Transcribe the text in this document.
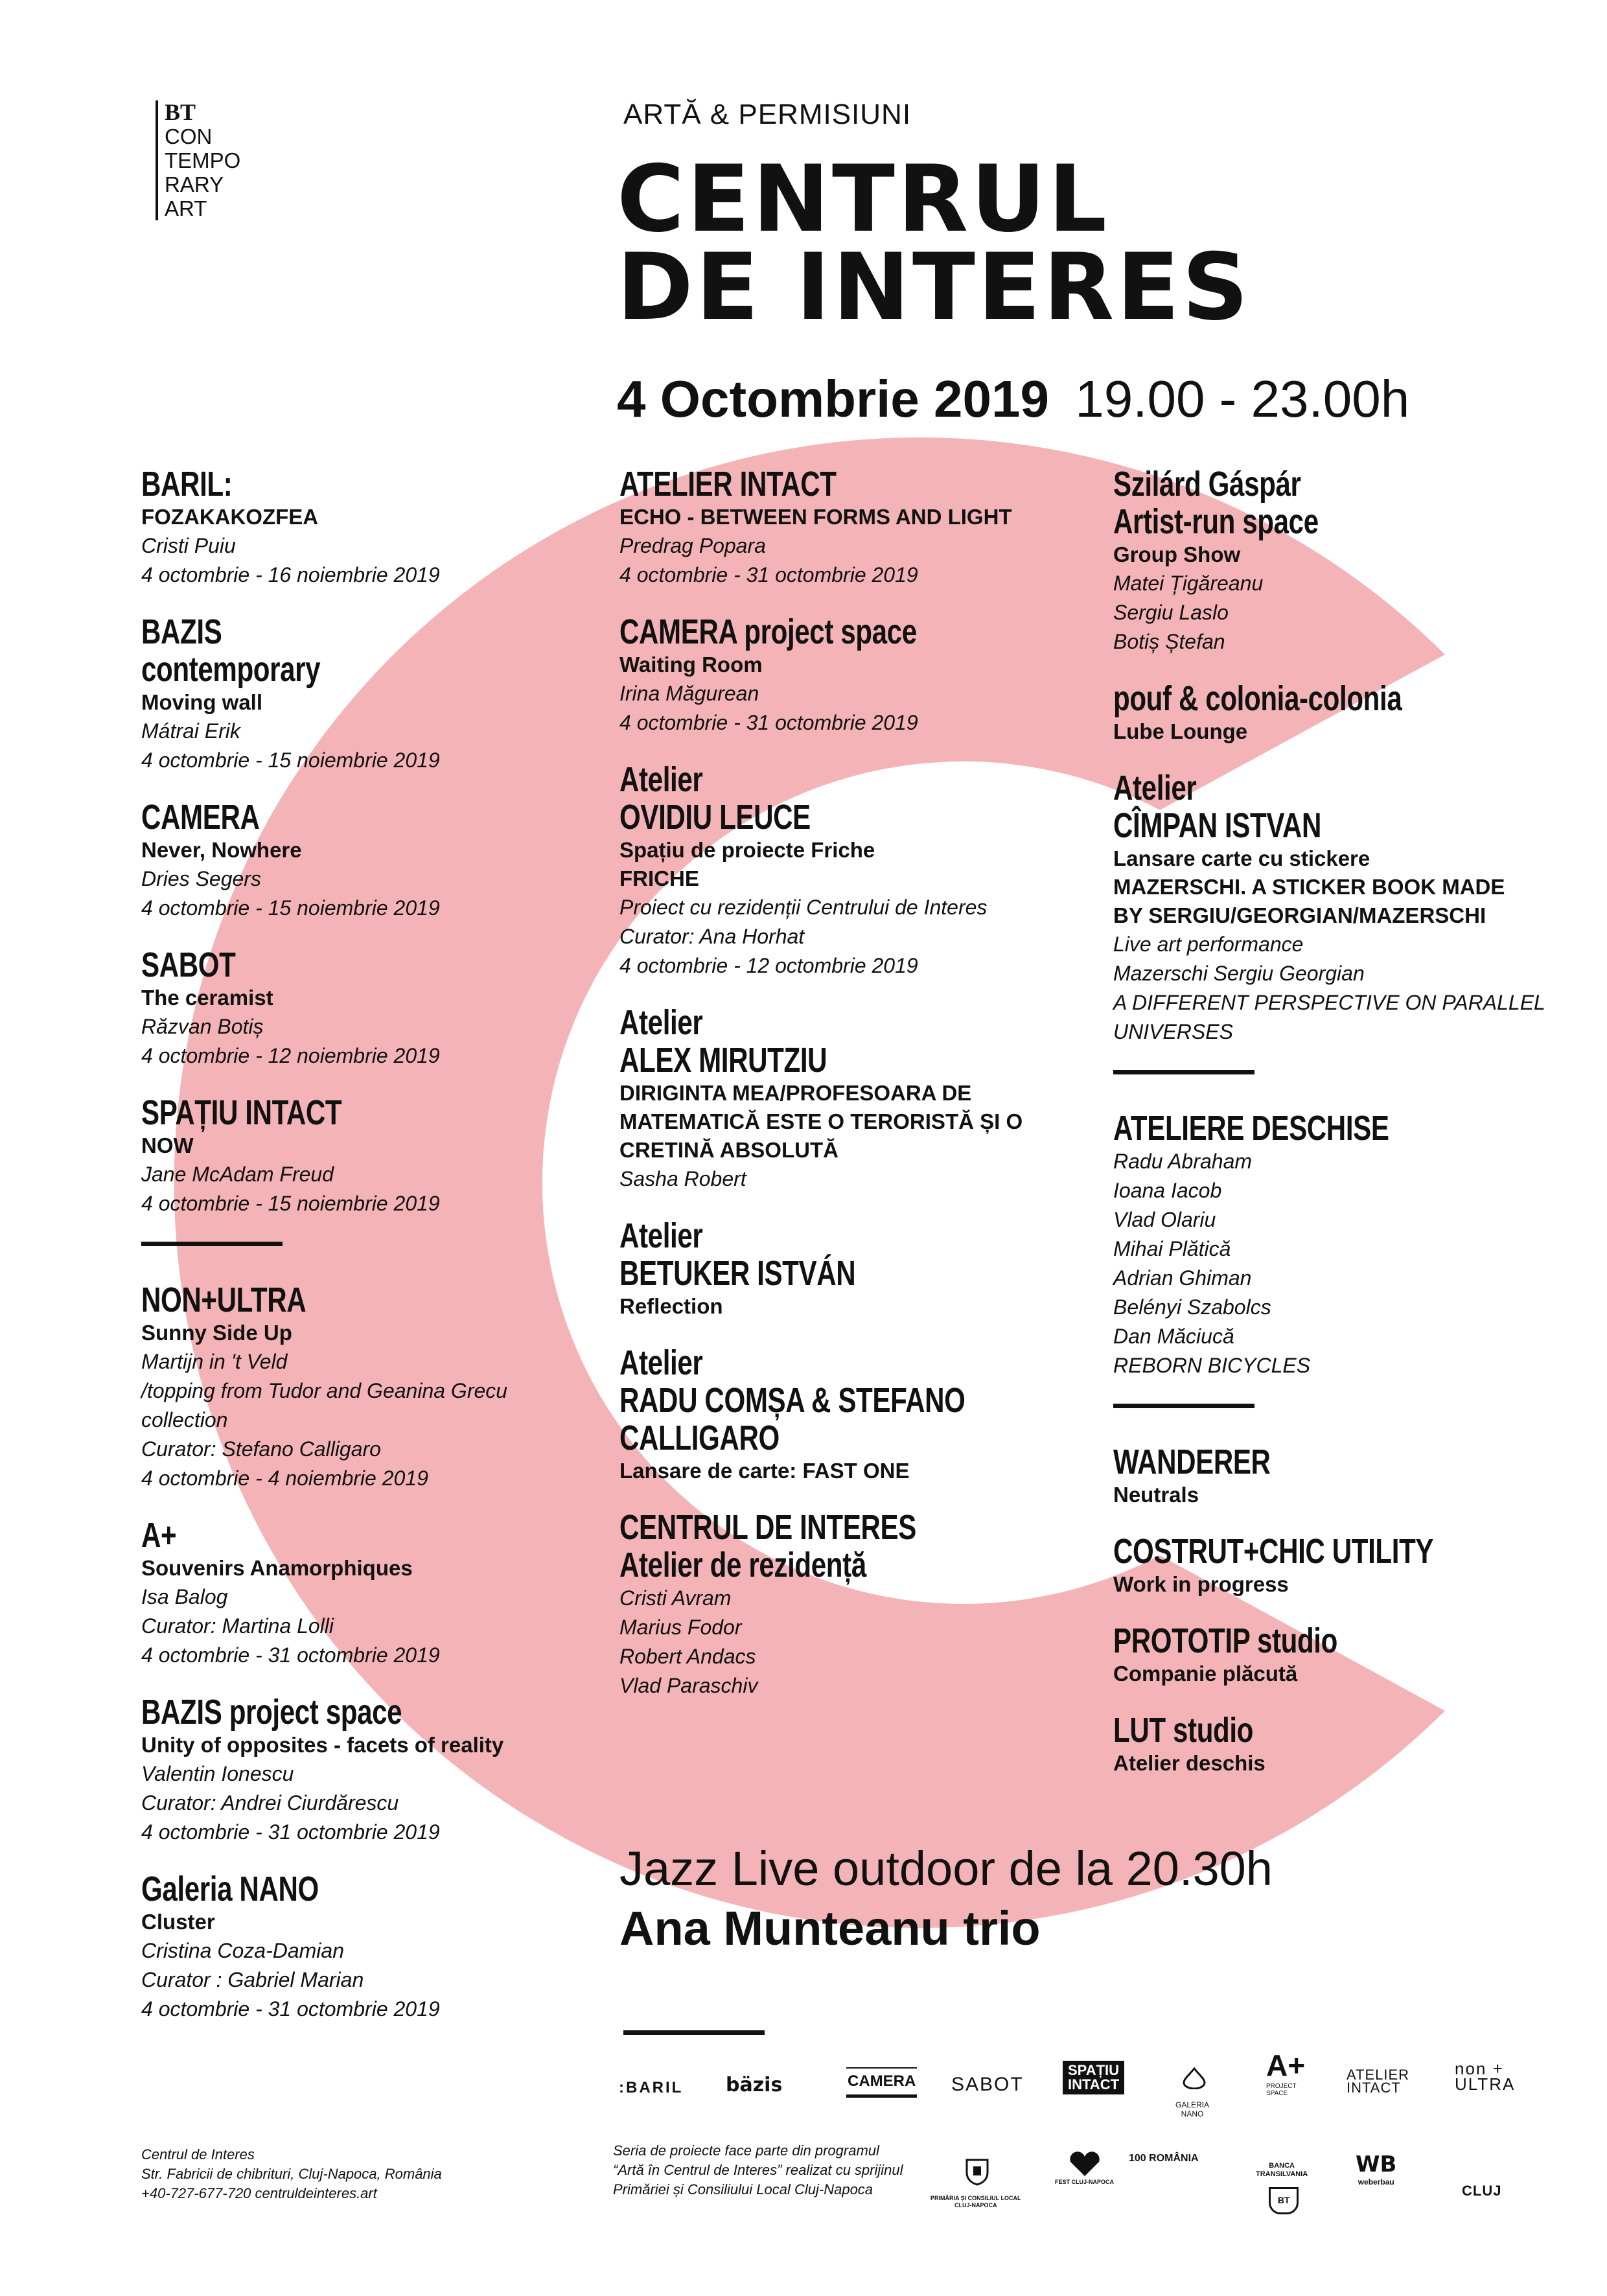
BT
CON
TEMPO
RARY
ART
ARTĂ & PERMISIUNI
CENTRUL
DE INTERES
4 Octombrie 2019 19.00 - 23.00h
BARIL:
FOZAKAKOZFEA
Cristi Puiu
4 octombrie - 16 noiembrie 2019
BAZIS
contemporary
Moving wall
Mátrai Erik
4 octombrie - 15 noiembrie 2019
CAMERA
Never, Nowhere
Dries Segers
4 octombrie - 15 noiembrie 2019
SABOT
The ceramist
Răzvan Botiș
4 octombrie - 12 noiembrie 2019
SPAȚIU INTACT
NOW
Jane McAdam Freud
4 octombrie - 15 noiembrie 2019
NON+ULTRA
Sunny Side Up
Martijn in 't Veld
/topping from Tudor and Geanina Grecu
collection
Curator: Stefano Calligaro
4 octombrie - 4 noiembrie 2019
A+
Souvenirs Anamorphiques
Isa Balog
Curator: Martina Lolli
4 octombrie - 31 octombrie 2019
BAZIS project space
Unity of opposites - facets of reality
Valentin Ionescu
Curator: Andrei Ciurdărescu
4 octombrie - 31 octombrie 2019
Galeria NANO
Cluster
Cristina Coza-Damian
Curator : Gabriel Marian
4 octombrie - 31 octombrie 2019
ATELIER INTACT
ECHO - BETWEEN FORMS AND LIGHT
Predrag Popara
4 octombrie - 31 octombrie 2019
CAMERA project space
Waiting Room
Irina Măgurean
4 octombrie - 31 octombrie 2019
Atelier
OVIDIU LEUCE
Spațiu de proiecte Friche
FRICHE
Proiect cu rezidenții Centrului de Interes
Curator: Ana Horhat
4 octombrie - 12 octombrie 2019
Atelier
ALEX MIRUTZIU
DIRIGINTA MEA/PROFESOARA DE
MATEMATICĂ ESTE O TERORISTĂ ȘI O
CRETINĂ ABSOLUTĂ
Sasha Robert
Atelier
BETUKER ISTVÁN
Reflection
Atelier
RADU COMȘA & STEFANO
CALLIGARO
Lansare de carte: FAST ONE
CENTRUL DE INTERES
Atelier de rezidență
Cristi Avram
Marius Fodor
Robert Andacs
Vlad Paraschiv
Szilárd Gáspár
Artist-run space
Group Show
Matei Țigăreanu
Sergiu Laslo
Botiș Ștefan
pouf & colonia-colonia
Lube Lounge
Atelier
CÎMPAN ISTVAN
Lansare carte cu stickere
MAZERSCHI. A STICKER BOOK MADE
BY SERGIU/GEORGIAN/MAZERSCHI
Live art performance
Mazerschi Sergiu Georgian
A DIFFERENT PERSPECTIVE ON PARALLEL
UNIVERSES
ATELIERE DESCHISE
Radu Abraham
Ioana Iacob
Vlad Olariu
Mihai Plătică
Adrian Ghiman
Belényi Szabolcs
Dan Măciucă
REBORN BICYCLES
WANDERER
Neutrals
COSTRUT+CHIC UTILITY
Work in progress
PROTOTIP studio
Companie plăcută
LUT studio
Atelier deschis
Jazz Live outdoor de la 20.30h
Ana Munteanu trio
:BARIL bäzis	CAMERA SABOT
SPAȚIU
INTACT

GALERIA
NANO

A+
PROJECT
SPACE
ATELIER
INTACT
non +
ULTRA

PRIMĂRIA ȘI CONSILIUL LOCAL
CLUJ-NAPOCA

FEST CLUJ-NAPOCA
100 ROMÂNIA

BANCA
TRANSILVANIA

BT

WB
weberbau
CLUJ
Centrul de Interes
Str. Fabricii de chibrituri, Cluj-Napoca, România
+40-727-677-720 centruldeinteres.art
Seria de proiecte face parte din programul
“Artă în Centrul de Interes” realizat cu sprijinul
Primăriei și Consiliului Local Cluj-Napoca
